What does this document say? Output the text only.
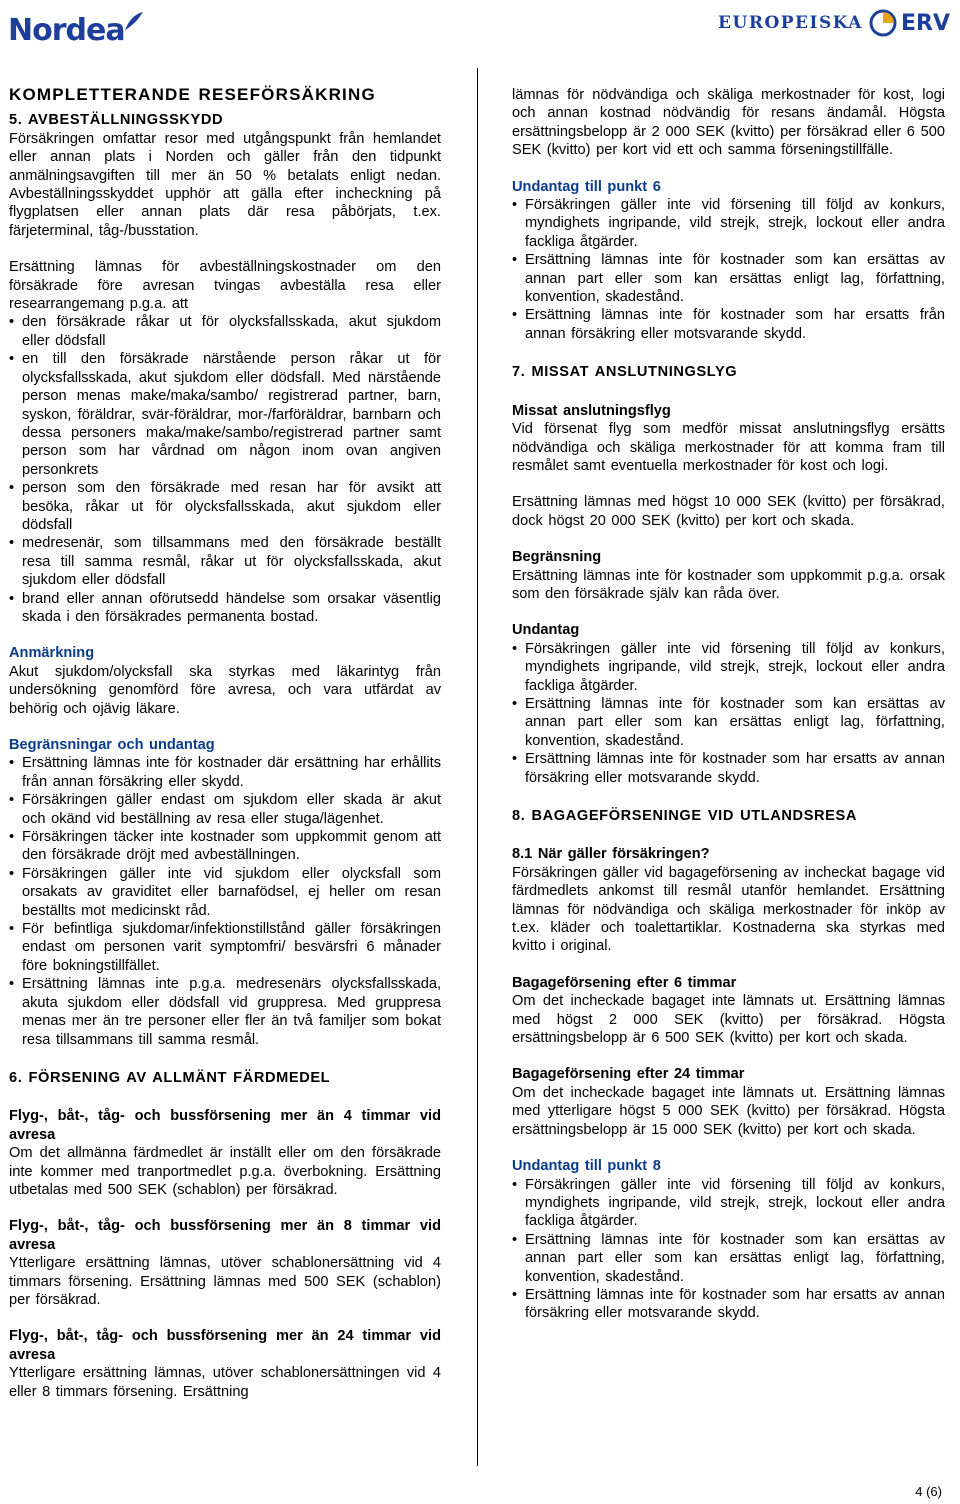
Nordea	EUROPEISKA ERV
KOMPLETTERANDE RESEFÖRSÄKRING
5. AVBESTÄLLNINGSSKYDD

Försäkringen omfattar resor med utgångspunkt från hemlandet eller annan plats i Norden och gäller från den tidpunkt anmälningsavgiften till mer än 50 % betalats enligt nedan. Avbeställningsskyddet upphör att gälla efter incheckning på flygplatsen eller annan plats där resa påbörjats, t.ex. färjeterminal, tåg-/busstation.

Ersättning lämnas för avbeställningskostnader om den försäkrade före avresan tvingas avbeställa resa eller researrangemang p.g.a. att

• den försäkrade råkar ut för olycksfallsskada, akut sjukdom eller dödsfall
• en till den försäkrade närstående person råkar ut för olycksfallsskada, akut sjukdom eller dödsfall. Med närstående person menas make/maka/sambo/ registrerad partner, barn, syskon, föräldrar, svär-föräldrar, mor-/farföräldrar, barnbarn och dessa personers maka/make/sambo/registrerad partner samt person som har vårdnad om någon inom ovan angiven personkrets
• person som den försäkrade med resan har för avsikt att besöka, råkar ut för olycksfallsskada, akut sjukdom eller dödsfall
• medresenär, som tillsammans med den försäkrade beställt resa till samma resmål, råkar ut för olycksfallsskada, akut sjukdom eller dödsfall
• brand eller annan oförutsedd händelse som orsakar väsentlig skada i den försäkrades permanenta bostad.
Anmärkning

Akut sjukdom/olycksfall ska styrkas med läkarintyg från undersökning genomförd före avresa, och vara utfärdat av behörig och ojävig läkare.

Begränsningar och undantag
• Ersättning lämnas inte för kostnader där ersättning har erhållits från annan försäkring eller skydd.
• Försäkringen gäller endast om sjukdom eller skada är akut och okänd vid beställning av resa eller stuga/lägenhet.
• Försäkringen täcker inte kostnader som uppkommit genom att den försäkrade dröjt med avbeställningen.
• Försäkringen gäller inte vid sjukdom eller olycksfall som orsakats av graviditet eller barnafödsel, ej heller om resan beställts mot medicinskt råd.
• För befintliga sjukdomar/infektionstillstånd gäller försäkringen endast om personen varit symptomfri/ besvärsfri 6 månader före bokningstillfället.
• Ersättning lämnas inte p.g.a. medresenärs olycksfallsskada, akuta sjukdom eller dödsfall vid gruppresa. Med gruppresa menas mer än tre personer eller fler än två familjer som bokat resa tillsammans till samma resmål.
6. FÖRSENING AV ALLMÄNT FÄRDMEDEL
Flyg-, båt-, tåg- och bussförsening mer än 4 timmar vid avresa

Om det allmänna färdmedlet är inställt eller om den försäkrade inte kommer med tranportmedlet p.g.a. överbokning. Ersättning utbetalas med 500 SEK (schablon) per försäkrad.

Flyg-, båt-, tåg- och bussförsening mer än 8 timmar vid avresa

Ytterligare ersättning lämnas, utöver schablonersättning vid 4 timmars försening. Ersättning lämnas med 500 SEK (schablon) per försäkrad.

Flyg-, båt-, tåg- och bussförsening mer än 24 timmar vid avresa

Ytterligare ersättning lämnas, utöver schablonersättningen vid 4 eller 8 timmars försening. Ersättning

lämnas för nödvändiga och skäliga merkostnader för kost, logi och annan kostnad nödvändig för resans ändamål. Högsta ersättningsbelopp är 2 000 SEK (kvitto) per försäkrad eller 6 500 SEK (kvitto) per kort vid ett och samma förseningstillfälle.

Undantag till punkt 6
• Försäkringen gäller inte vid försening till följd av konkurs, myndighets ingripande, vild strejk, strejk, lockout eller andra fackliga åtgärder.
• Ersättning lämnas inte för kostnader som kan ersättas av annan part eller som kan ersättas enligt lag, författning, konvention, skadestånd.
• Ersättning lämnas inte för kostnader som har ersatts från annan försäkring eller motsvarande skydd.
7. MISSAT ANSLUTNINGSLYG
Missat anslutningsflyg

Vid försenat flyg som medför missat anslutningsflyg ersätts nödvändiga och skäliga merkostnader för att komma fram till resmålet samt eventuella merkostnader för kost och logi.

Ersättning lämnas med högst 10 000 SEK (kvitto) per försäkrad, dock högst 20 000 SEK (kvitto) per kort och skada.

Begränsning

Ersättning lämnas inte för kostnader som uppkommit p.g.a. orsak som den försäkrade själv kan råda över.

Undantag
• Försäkringen gäller inte vid försening till följd av konkurs, myndighets ingripande, vild strejk, strejk, lockout eller andra fackliga åtgärder.
• Ersättning lämnas inte för kostnader som kan ersättas av annan part eller som kan ersättas enligt lag, författning, konvention, skadestånd.
• Ersättning lämnas inte för kostnader som har ersatts av annan försäkring eller motsvarande skydd.
8. BAGAGEFÖRSENINGE VID UTLANDSRESA
8.1 När gäller försäkringen?

Försäkringen gäller vid bagageförsening av incheckat bagage vid färdmedlets ankomst till resmål utanför hemlandet. Ersättning lämnas för nödvändiga och skäliga merkostnader för inköp av t.ex. kläder och toalettartiklar. Kostnaderna ska styrkas med kvitto i original.

Bagageförsening efter 6 timmar

Om det incheckade bagaget inte lämnats ut. Ersättning lämnas med högst 2 000 SEK (kvitto) per försäkrad. Högsta ersättningsbelopp är 6 500 SEK (kvitto) per kort och skada.

Bagageförsening efter 24 timmar

Om det incheckade bagaget inte lämnats ut. Ersättning lämnas med ytterligare högst 5 000 SEK (kvitto) per försäkrad. Högsta ersättningsbelopp är 15 000 SEK (kvitto) per kort och skada.

Undantag till punkt 8
• Försäkringen gäller inte vid försening till följd av konkurs, myndighets ingripande, vild strejk, strejk, lockout eller andra fackliga åtgärder.
• Ersättning lämnas inte för kostnader som kan ersättas av annan part eller som kan ersättas enligt lag, författning, konvention, skadestånd.
• Ersättning lämnas inte för kostnader som har ersatts av annan försäkring eller motsvarande skydd.
4 (6)
